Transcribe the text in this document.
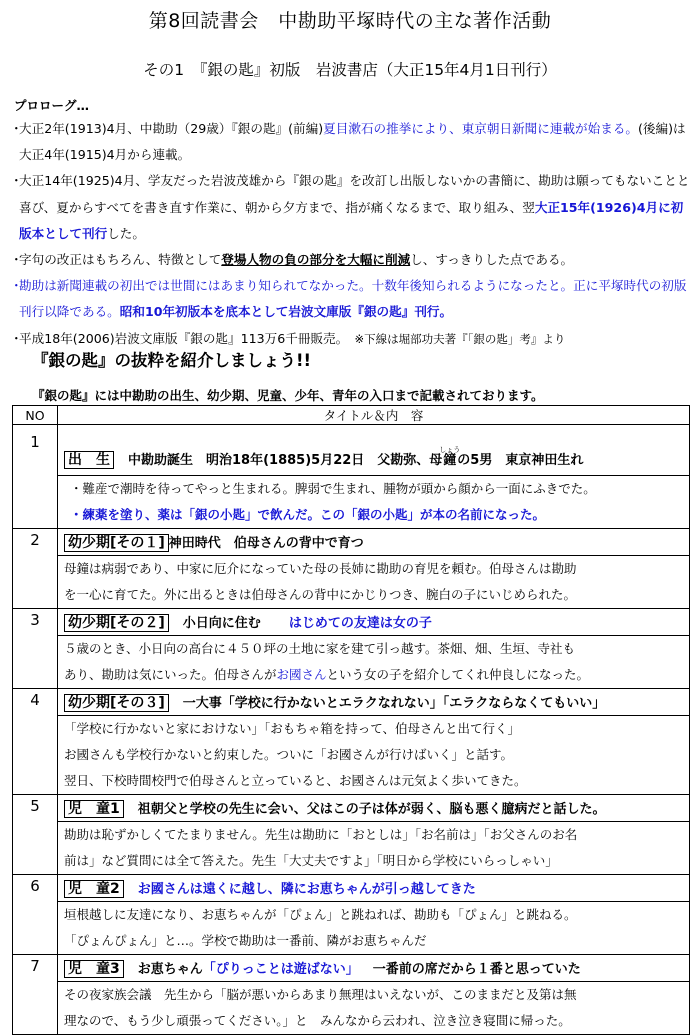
第8回読書会　中勘助平塚時代の主な著作活動
その1　『銀の匙』初版　岩波書店（大正15年4月1日刊行）
プロローグ…
・
大正2年(1913)4月、中勘助（29歳）『銀の匙』(前編)夏目漱石の推挙により、東京朝日新聞に連載が始まる。(後編)は大正4年(1915)4月から連載。
・
大正14年(1925)4月、学友だった岩波茂雄から『銀の匙』を改訂し出版しないかの書簡に、勘助は願ってもないことと喜び、夏からすべてを書き直す作業に、朝から夕方まで、指が痛くなるまで、取り組み、翌大正15年(1926)4月に初版本として刊行した。
・
字句の改正はもちろん、特徴として登場人物の負の部分を大幅に削減し、すっきりした点である。
・
勘助は新聞連載の初出では世間にはあまり知られてなかった。十数年後知られるようになったと。正に平塚時代の初版刊行以降である。昭和10年初版本を底本として岩波文庫版『銀の匙』刊行。
・
平成18年(2006)岩波文庫版『銀の匙』113万6千冊販売。　 ※下線は堀部功夫著『「銀の匙」考』より
『銀の匙』の抜粋を紹介しましょう!!
『銀の匙』には中勘助の出生、幼少期、児童、少年、青年の入口まで記載されております。
NO	タイトル＆内　容
1	出　生 中勘助誕生　明治18年(1885)5月22日　父勘弥、母鐘しょうの5男　東京神田生れ

	・難産で潮時を待ってやっと生まれる。脾弱で生まれ、腫物が頭から顔から一面にふきでた。
・練薬を塗り、薬は「銀の小匙」で飲んだ。この「銀の小匙」が本の名前になった。

2	幼少期[その１] 神田時代　伯母さんの背中で育つ

	母鐘は病弱であり、中家に厄介になっていた母の長姉に勘助の育児を頼む。伯母さんは勘助
を一心に育てた。外に出るときは伯母さんの背中にかじりつき、腕白の子にいじめられた。

3	幼少期[その２] 小日向に住む はじめての友達は女の子

	５歳のとき、小日向の高台に４５０坪の土地に家を建て引っ越す。茶畑、畑、生垣、寺社も
あり、勘助は気にいった。伯母さんがお國さんという女の子を紹介してくれ仲良しになった。

4	幼少期[その３] 一大事「学校に行かないとエラクなれない」「エラクならなくてもいい」

	「学校に行かないと家におけない」「おもちゃ箱を持って、伯母さんと出て行く」
お國さんも学校行かないと約束した。ついに「お國さんが行けばいく」と話す。
翌日、下校時間校門で伯母さんと立っていると、お國さんは元気よく歩いてきた。

5	児　童1 祖朝父と学校の先生に会い、父はこの子は体が弱く、脳も悪く臆病だと話した。

	勘助は恥ずかしくてたまりません。先生は勘助に「おとしは」「お名前は」「お父さんのお名
前は」など質問には全て答えた。先生「大丈夫ですよ」「明日から学校にいらっしゃい」

6	児　童2 お國さんは遠くに越し、隣にお恵ちゃんが引っ越してきた

	垣根越しに友達になり、お恵ちゃんが「ぴょん」と跳ねれば、勘助も「ぴょん」と跳ねる。
「ぴょんぴょん」と…。学校で勘助は一番前、隣がお恵ちゃんだ

7	児　童3 お恵ちゃん「ぴりっことは遊ばない」 一番前の席だから１番と思っていた

	その夜家族会議　先生から「脳が悪いからあまり無理はいえないが、このままだと及第は無
理なので、もう少し頑張ってください。」と　みんなから云われ、泣き泣き寝間に帰った。
